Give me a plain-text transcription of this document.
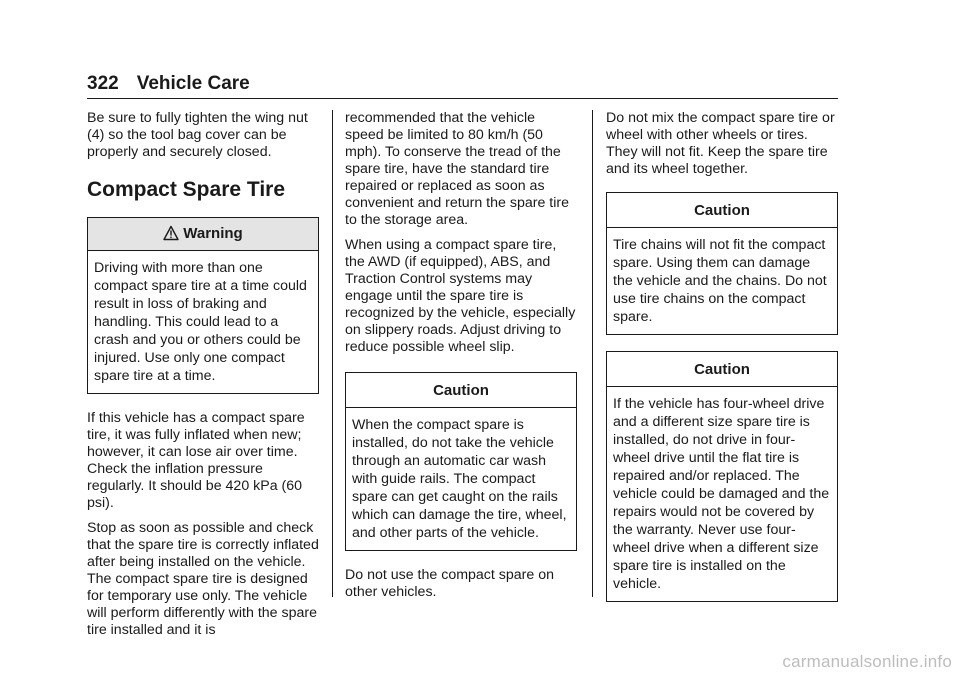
322 Vehicle Care

Be sure to fully tighten the wing nut (4) so the tool bag cover can be properly and securely closed.

Compact Spare Tire
Warning
Driving with more than one compact spare tire at a time could result in loss of braking and handling. This could lead to a crash and you or others could be injured. Use only one compact spare tire at a time.

If this vehicle has a compact spare tire, it was fully inflated when new; however, it can lose air over time. Check the inflation pressure regularly. It should be 420 kPa (60 psi).

Stop as soon as possible and check that the spare tire is correctly inflated after being installed on the vehicle. The compact spare tire is designed for temporary use only. The vehicle will perform differently with the spare tire installed and it is

recommended that the vehicle speed be limited to 80 km/h (50 mph). To conserve the tread of the spare tire, have the standard tire repaired or replaced as soon as convenient and return the spare tire to the storage area.

When using a compact spare tire, the AWD (if equipped), ABS, and Traction Control systems may engage until the spare tire is recognized by the vehicle, especially on slippery roads. Adjust driving to reduce possible wheel slip.

Caution
When the compact spare is installed, do not take the vehicle through an automatic car wash with guide rails. The compact spare can get caught on the rails which can damage the tire, wheel, and other parts of the vehicle.

Do not use the compact spare on other vehicles.

Do not mix the compact spare tire or wheel with other wheels or tires. They will not fit. Keep the spare tire and its wheel together.

Caution
Tire chains will not fit the compact spare. Using them can damage the vehicle and the chains. Do not use tire chains on the compact spare.
Caution
If the vehicle has four-wheel drive and a different size spare tire is installed, do not drive in four-wheel drive until the flat tire is repaired and/or replaced. The vehicle could be damaged and the repairs would not be covered by the warranty. Never use four-wheel drive when a different size spare tire is installed on the vehicle.
carmanualsonline.info
